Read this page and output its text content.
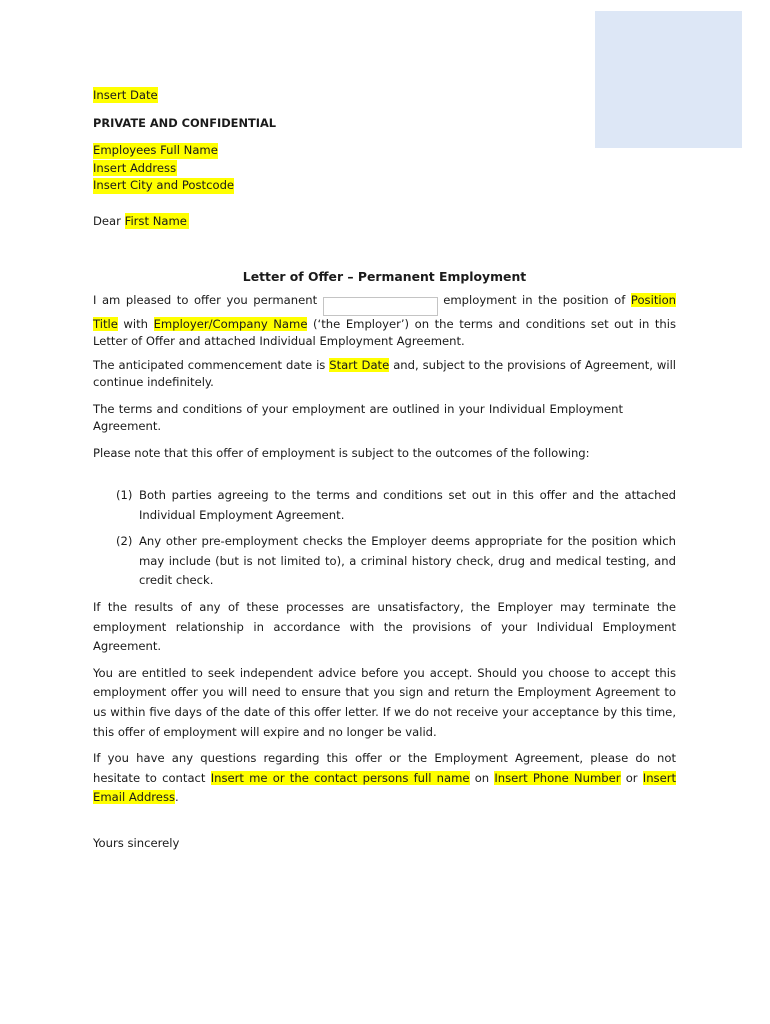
Insert Date
PRIVATE AND CONFIDENTIAL
Employees Full Name
Insert Address
Insert City and Postcode
Dear First Name
Letter of Offer – Permanent Employment

I am pleased to offer you permanent	employment in the position of Position Title with Employer/Company Name (‘the Employer’) on the terms and conditions set out in this Letter of Offer and attached Individual Employment Agreement.

The anticipated commencement date is Start Date and, subject to the provisions of Agreement, will continue indefinitely.

The terms and conditions of your employment are outlined in your Individual Employment Agreement.

Please note that this offer of employment is subject to the outcomes of the following:

(1) Both parties agreeing to the terms and conditions set out in this offer and the attached Individual Employment Agreement.
(2) Any other pre-employment checks the Employer deems appropriate for the position which may include (but is not limited to), a criminal history check, drug and medical testing, and credit check.

If the results of any of these processes are unsatisfactory, the Employer may terminate the employment relationship in accordance with the provisions of your Individual Employment Agreement.

You are entitled to seek independent advice before you accept. Should you choose to accept this employment offer you will need to ensure that you sign and return the Employment Agreement to us within five days of the date of this offer letter. If we do not receive your acceptance by this time, this offer of employment will expire and no longer be valid.

If you have any questions regarding this offer or the Employment Agreement, please do not hesitate to contact Insert me or the contact persons full name on Insert Phone Number or Insert Email Address.

Yours sincerely
